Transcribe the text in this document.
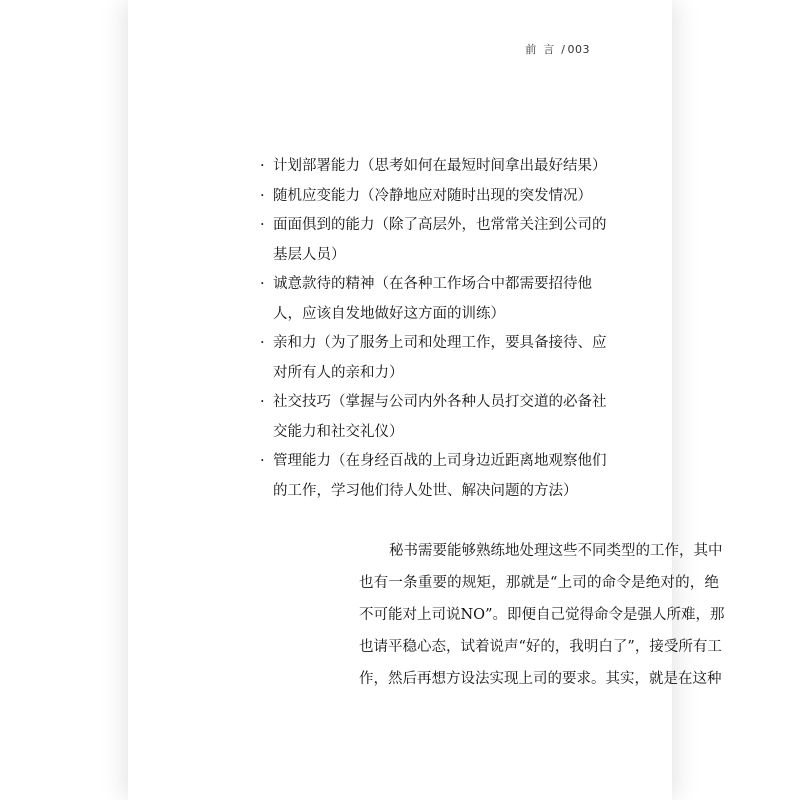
前言/ 003
· 计划部署能力（思考如何在最短时间拿出最好结果）
· 随机应变能力（冷静地应对随时出现的突发情况）
· 面面俱到的能力（除了高层外，也常常关注到公司的
基层人员）
· 诚意款待的精神（在各种工作场合中都需要招待他
人，应该自发地做好这方面的训练）
· 亲和力（为了服务上司和处理工作，要具备接待、应
对所有人的亲和力）
· 社交技巧（掌握与公司内外各种人员打交道的必备社
交能力和社交礼仪）
· 管理能力（在身经百战的上司身边近距离地观察他们
的工作，学习他们待人处世、解决问题的方法）
秘书需要能够熟练地处理这些不同类型的工作，其中
也有一条重要的规矩，那就是“上司的命令是绝对的，绝
不可能对上司说NO”。即便自己觉得命令是强人所难，那
也请平稳心态，试着说声“好的，我明白了”，接受所有工
作，然后再想方设法实现上司的要求。其实，就是在这种
